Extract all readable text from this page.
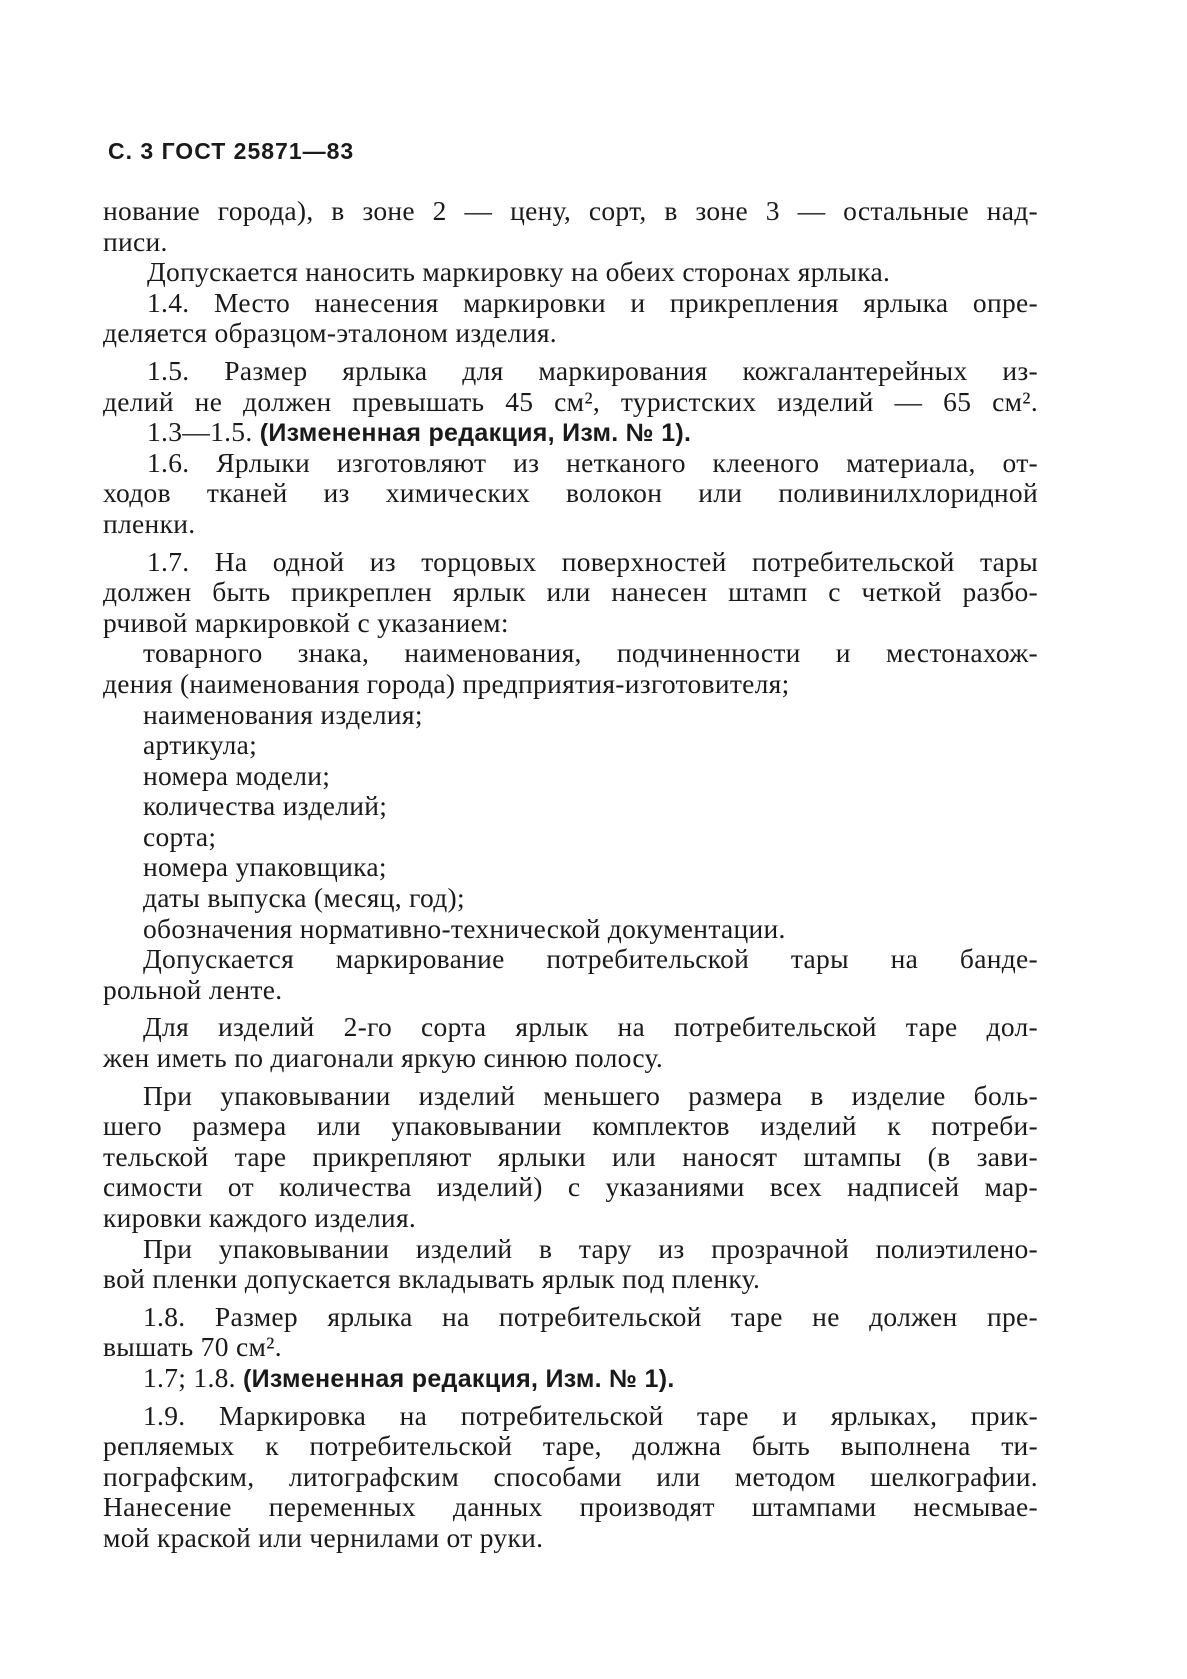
С. 3 ГОСТ 25871—83
нование города), в зоне 2 — цену, сорт, в зоне 3 — остальные над-
писи.
Допускается наносить маркировку на обеих сторонах ярлыка.
1.4. Место нанесения маркировки и прикрепления ярлыка опре-
деляется образцом-эталоном изделия.
1.5. Размер ярлыка для маркирования кожгалантерейных из-
делий не должен превышать 45 см², туристских изделий — 65 см².
1.3—1.5. (Измененная редакция, Изм. № 1).
1.6. Ярлыки изготовляют из нетканого клееного материала, от-
ходов тканей из химических волокон или поливинилхлоридной
пленки.
1.7. На одной из торцовых поверхностей потребительской тары
должен быть прикреплен ярлык или нанесен штамп с четкой разбо-
рчивой маркировкой с указанием:
товарного знака, наименования, подчиненности и местонахож-
дения (наименования города) предприятия-изготовителя;
наименования изделия;
артикула;
номера модели;
количества изделий;
сорта;
номера упаковщика;
даты выпуска (месяц, год);
обозначения нормативно-технической документации.
Допускается маркирование потребительской тары на банде-
рольной ленте.
Для изделий 2-го сорта ярлык на потребительской таре дол-
жен иметь по диагонали яркую синюю полосу.
При упаковывании изделий меньшего размера в изделие боль-
шего размера или упаковывании комплектов изделий к потреби-
тельской таре прикрепляют ярлыки или наносят штампы (в зави-
симости от количества изделий) с указаниями всех надписей мар-
кировки каждого изделия.
При упаковывании изделий в тару из прозрачной полиэтилено-
вой пленки допускается вкладывать ярлык под пленку.
1.8. Размер ярлыка на потребительской таре не должен пре-
вышать 70 см².
1.7; 1.8. (Измененная редакция, Изм. № 1).
1.9. Маркировка на потребительской таре и ярлыках, прик-
репляемых к потребительской таре, должна быть выполнена ти-
пографским, литографским способами или методом шелкографии.
Нанесение переменных данных производят штампами несмывае-
мой краской или чернилами от руки.
